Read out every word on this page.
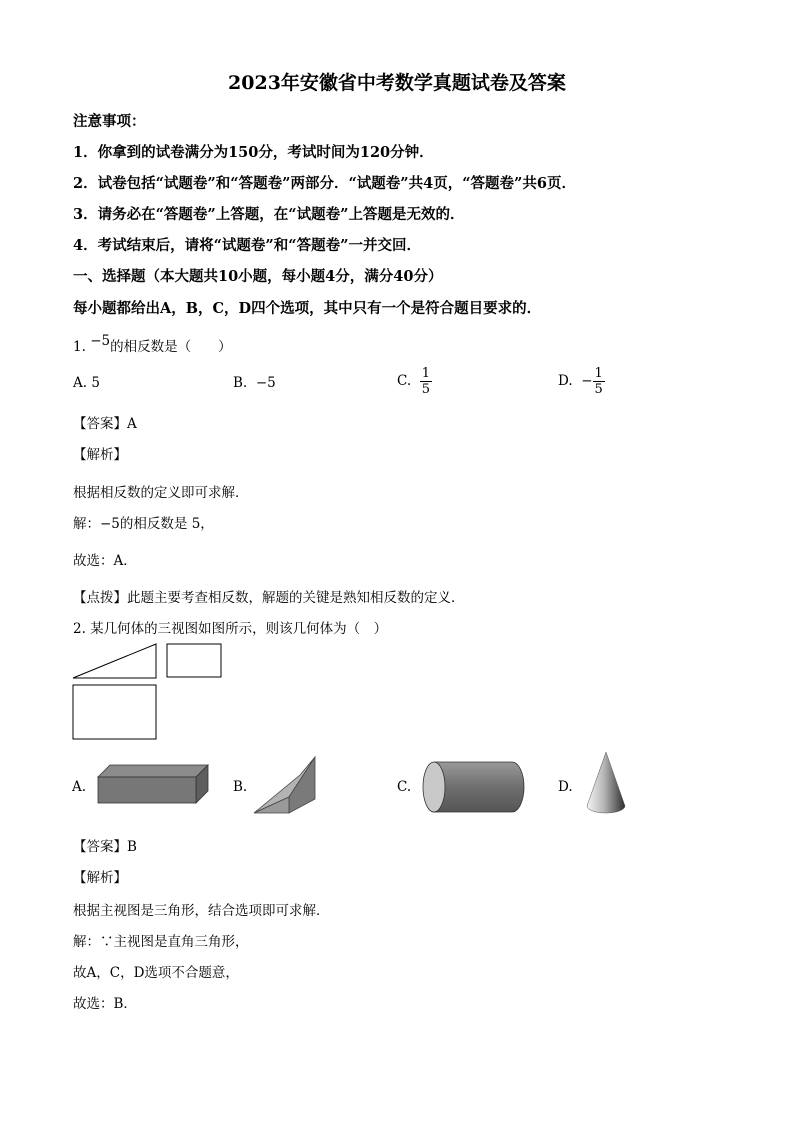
2023年安徽省中考数学真题试卷及答案
注意事项：
1．你拿到的试卷满分为150分，考试时间为120分钟．
2．试卷包括“试题卷”和“答题卷”两部分．“试题卷”共4页，“答题卷”共6页．
3．请务必在“答题卷”上答题，在“试题卷”上答题是无效的．
4．考试结束后，请将“试题卷”和“答题卷”一并交回．
一、选择题（本大题共10小题，每小题4分，满分40分）
每小题都给出A，B，C，D四个选项，其中只有一个是符合题目要求的．
1. −5的相反数是（　　）
A. 5	B. −5	C. $\frac{1}{5}$	D. − $\frac{1}{5}$
【答案】A
【解析】
根据相反数的定义即可求解．
解：−5的相反数是 5，
故选：A．
【点拨】此题主要考查相反数，解题的关键是熟知相反数的定义．
2. 某几何体的三视图如图所示，则该几何体为（　）
A.	B.	C.	D.
【答案】B
【解析】
根据主视图是三角形，结合选项即可求解．
解：∵主视图是直角三角形，
故A，C，D选项不合题意，
故选：B．
